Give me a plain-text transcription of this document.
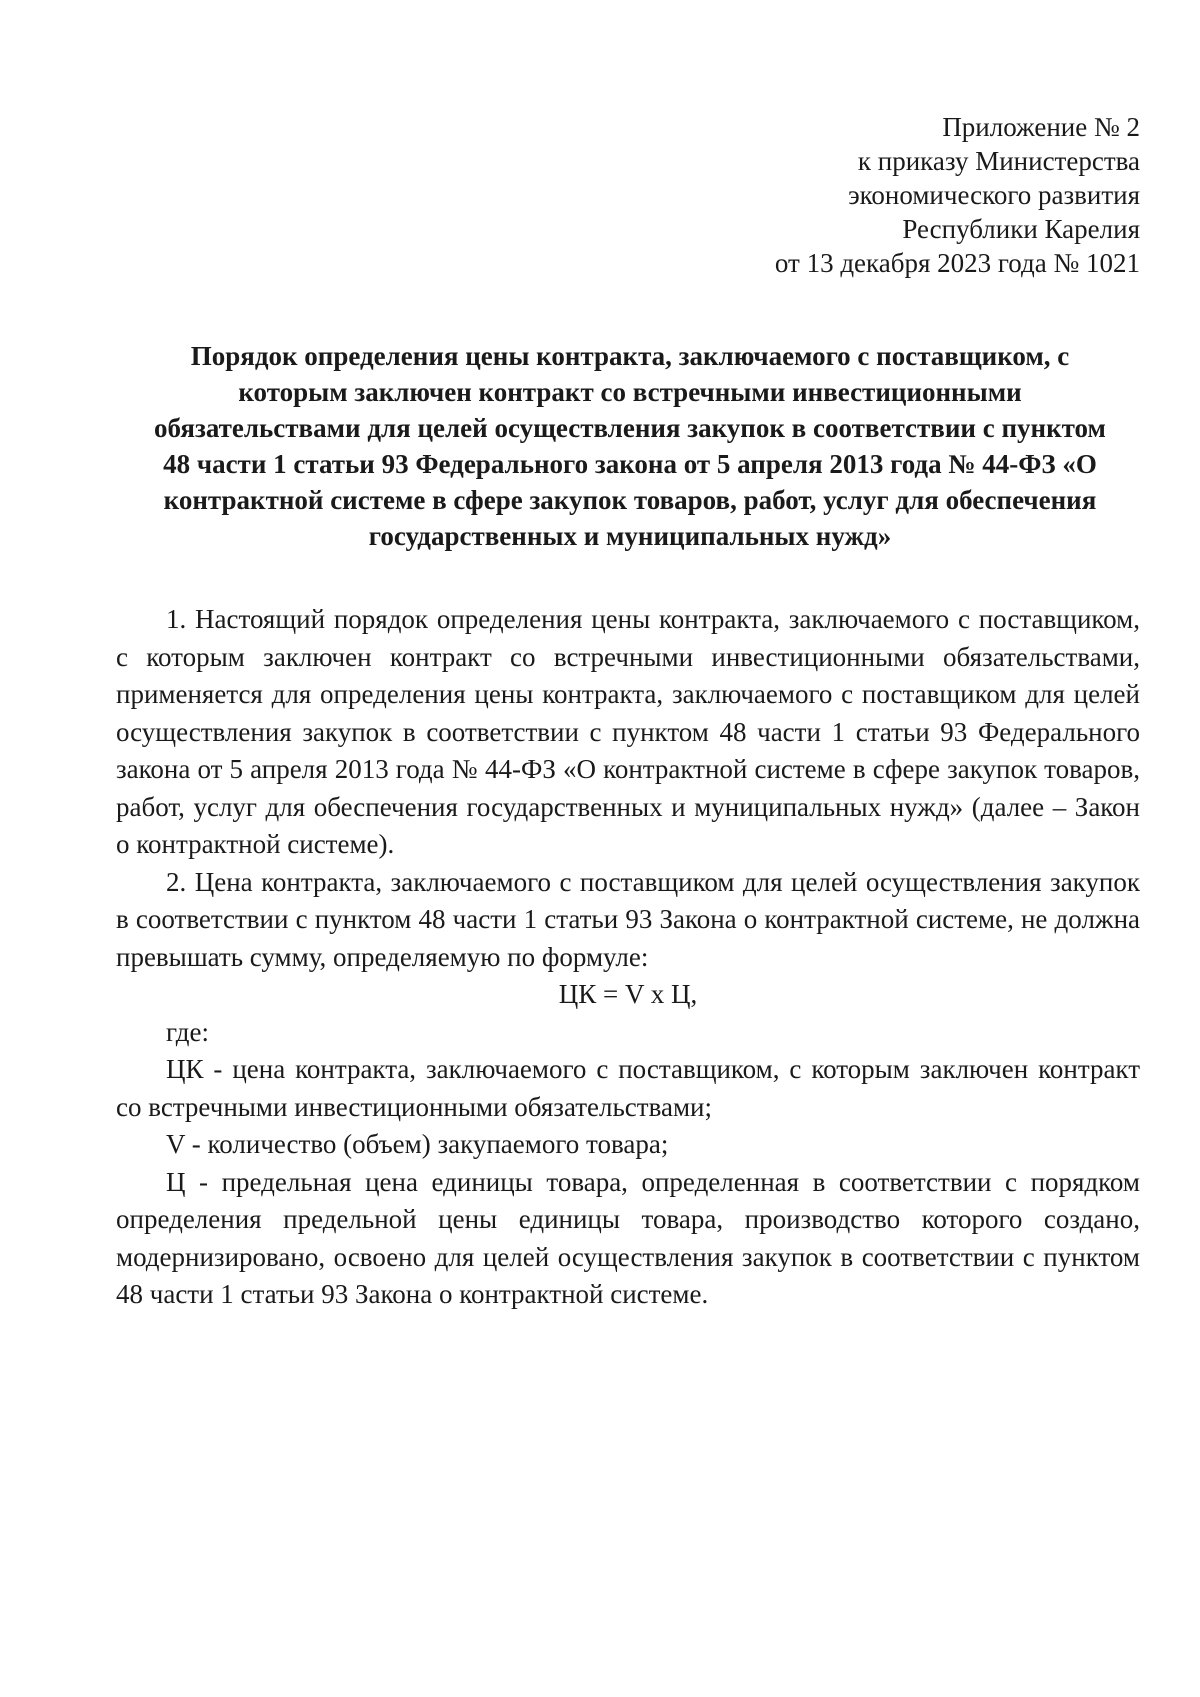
Приложение № 2
к приказу Министерства
экономического развития
Республики Карелия
от 13 декабря 2023 года № 1021
Порядок определения цены контракта, заключаемого с поставщиком, с
которым заключен контракт со встречными инвестиционными
обязательствами для целей осуществления закупок в соответствии с пунктом
48 части 1 статьи 93 Федерального закона от 5 апреля 2013 года № 44-ФЗ «О
контрактной системе в сфере закупок товаров, работ, услуг для обеспечения
государственных и муниципальных нужд»

1. Настоящий порядок определения цены контракта, заключаемого с поставщиком, с которым заключен контракт со встречными инвестиционными обязательствами, применяется для определения цены контракта, заключаемого с поставщиком для целей осуществления закупок в соответствии с пунктом 48 части 1 статьи 93 Федерального закона от 5 апреля 2013 года № 44-ФЗ «О контрактной системе в сфере закупок товаров, работ, услуг для обеспечения государственных и муниципальных нужд» (далее – Закон о контрактной системе).

2. Цена контракта, заключаемого с поставщиком для целей осуществления закупок в соответствии с пунктом 48 части 1 статьи 93 Закона о контрактной системе, не должна превышать сумму, определяемую по формуле:

ЦК = V х Ц,

где:

ЦК - цена контракта, заключаемого с поставщиком, с которым заключен контракт со встречными инвестиционными обязательствами;

V - количество (объем) закупаемого товара;

Ц - предельная цена единицы товара, определенная в соответствии с порядком определения предельной цены единицы товара, производство которого создано, модернизировано, освоено для целей осуществления закупок в соответствии с пунктом 48 части 1 статьи 93 Закона о контрактной системе.
